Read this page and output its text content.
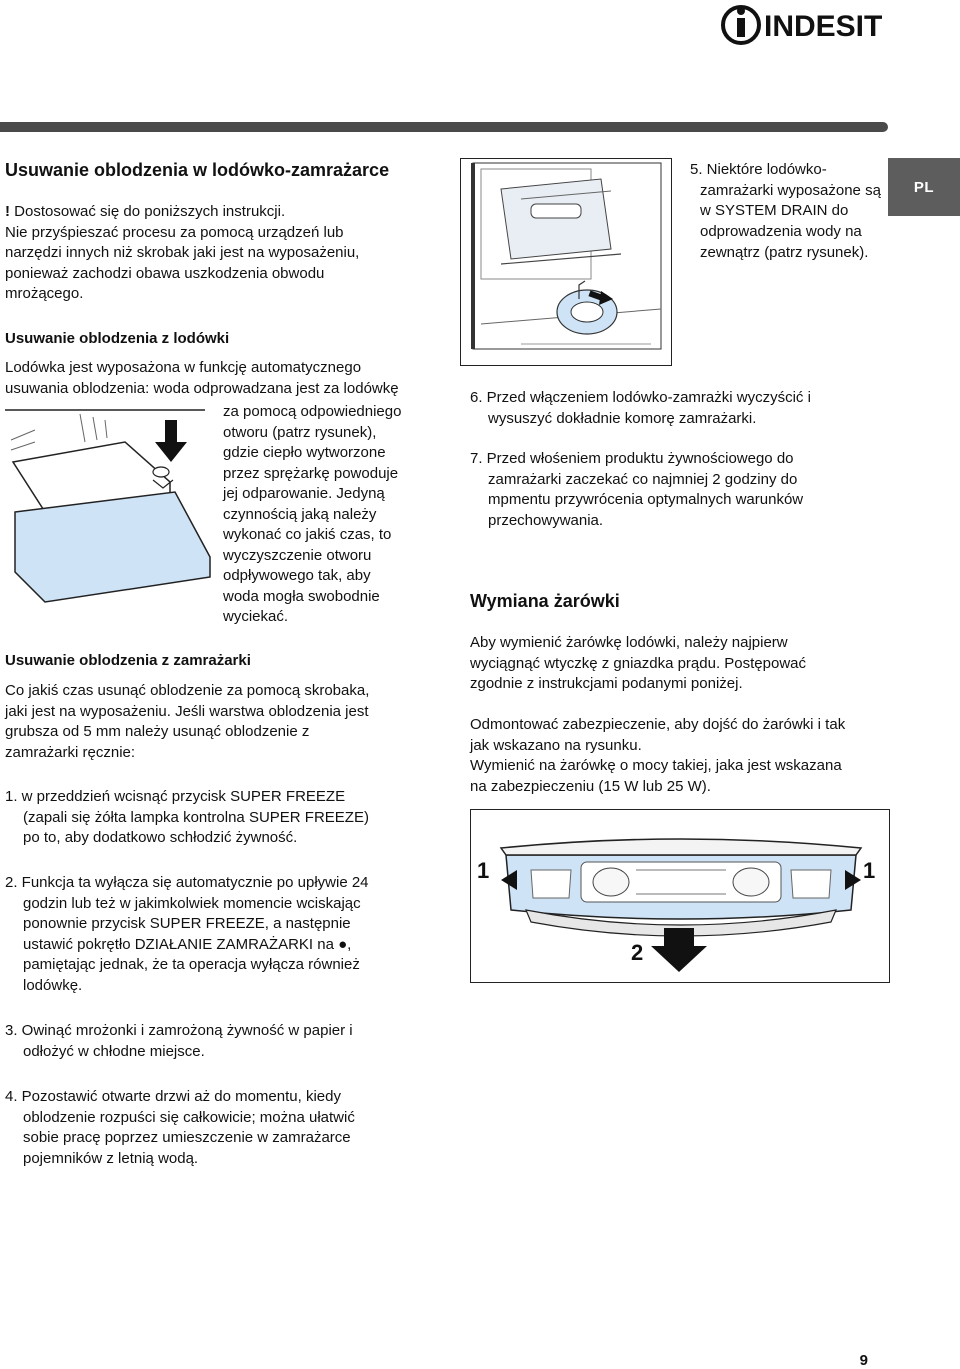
INDESIT
PL
Usuwanie oblodzenia w lodówko-zamrażarce

! Dostosować się do poniższych instrukcji.

Nie przyśpieszać procesu za pomocą urządzeń lub

narzędzi innych niż skrobak jaki jest na wyposażeniu,

ponieważ zachodzi obawa uszkodzenia obwodu

mrożącego.

Usuwanie oblodzenia z lodówki

Lodówka jest wyposażona w funkcję automatycznego

usuwania oblodzenia: woda odprowadzana jest za lodówkę

za pomocą odpowiedniego

otworu (patrz rysunek),

gdzie ciepło wytworzone

przez sprężarkę powoduje

jej odparowanie. Jedyną

czynnością jaką należy

wykonać co jakiś czas, to

wyczyszczenie otworu

odpływowego tak, aby

woda mogła swobodnie

wyciekać.

Usuwanie oblodzenia z zamrażarki

Co jakiś czas usunąć oblodzenie za pomocą skrobaka,

jaki jest na wyposażeniu. Jeśli warstwa oblodzenia jest

grubsza od 5 mm należy usunąć oblodzenie z

zamrażarki ręcznie:

1. w przeddzień wcisnąć przycisk SUPER FREEZE

(zapali się żółta lampka kontrolna SUPER FREEZE)

po to, aby dodatkowo schłodzić żywność.

2. Funkcja ta wyłącza się automatycznie po upływie 24

godzin lub też w jakimkolwiek momencie wciskając

ponownie przycisk SUPER FREEZE, a następnie

ustawić pokrętło DZIAŁANIE ZAMRAŻARKI na ●,

pamiętając jednak, że ta operacja wyłącza również

lodówkę.

3. Owinąć mrożonki i zamrożoną żywność w papier i

odłożyć w chłodne miejsce.

4. Pozostawić otwarte drzwi aż do momentu, kiedy

oblodzenie rozpuści się całkowicie; można ułatwić

sobie pracę poprzez umieszczenie w zamrażarce

pojemników z letnią wodą.

5. Niektóre lodówko-

zamrażarki wyposażone są

w SYSTEM DRAIN do

odprowadzenia wody na

zewnątrz (patrz rysunek).

6. Przed włączeniem lodówko-zamrażki wyczyścić i

wysuszyć dokładnie komorę zamrażarki.

7. Przed włośeniem produktu żywnościowego do

zamrażarki zaczekać co najmniej 2 godziny do

mpmentu przywrócenia optymalnych warunków

przechowywania.

Wymiana żarówki

Aby wymienić żarówkę lodówki, należy najpierw

wyciągnąć wtyczkę z gniazdka prądu. Postępować

zgodnie z instrukcjami podanymi poniżej.

Odmontować zabezpieczenie, aby dojść do żarówki i tak

jak wskazano na rysunku.

Wymienić na żarówkę o mocy takiej, jaka jest wskazana

na zabezpieczeniu (15 W lub 25 W).

1	1
2
9
